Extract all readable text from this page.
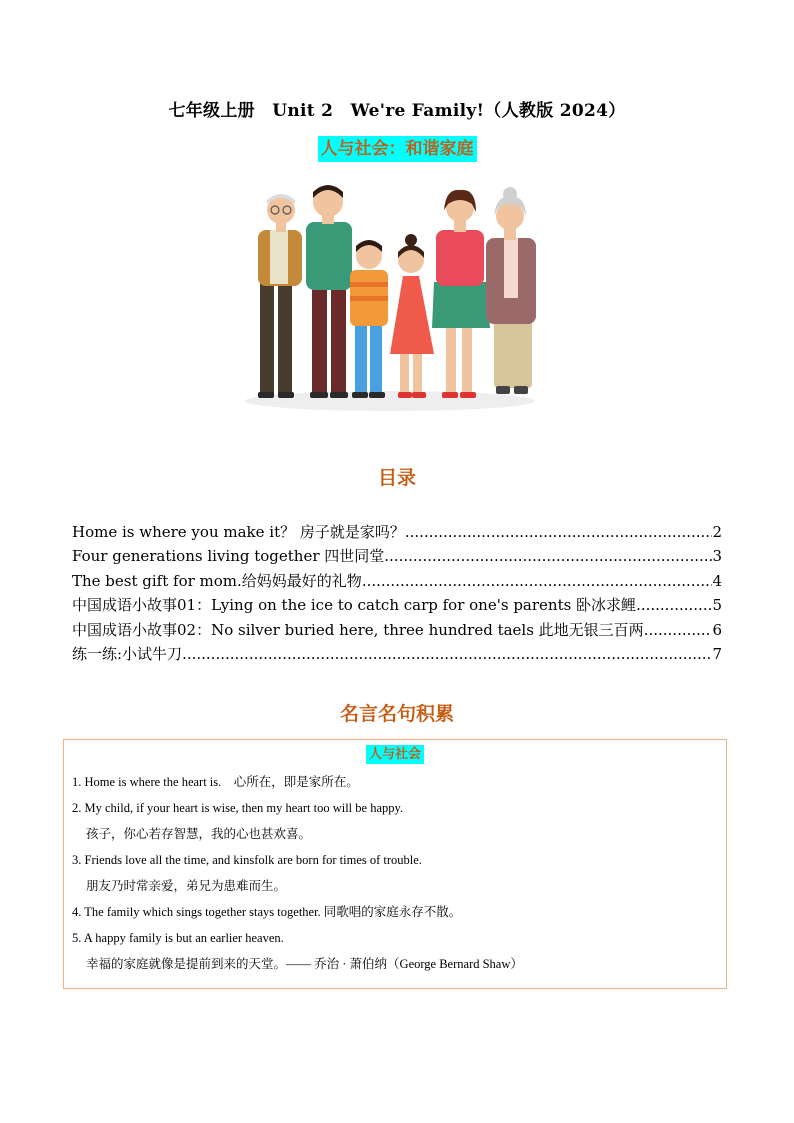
七年级上册　Unit 2　We're Family!（人教版 2024）
人与社会：和谐家庭
目录
Home is where you make it？ 房子就是家吗？ .....	2
Four generations living together 四世同堂 .....	3
The best gift for mom.给妈妈最好的礼物 .....	4
中国成语小故事01：Lying on the ice to catch carp for one's parents 卧冰求鲤 .....	5
中国成语小故事02：No silver buried here, three hundred taels 此地无银三百两 .....	6
练一练:小试牛刀 .....	7
名言名句积累
人与社会
1. Home is where the heart is.　心所在，即是家所在。
2. My child, if your heart is wise, then my heart too will be happy.
孩子，你心若存智慧，我的心也甚欢喜。
3. Friends love all the time, and kinsfolk are born for times of trouble.
朋友乃时常亲爱，弟兄为患难而生。
4. The family which sings together stays together. 同歌唱的家庭永存不散。
5. A happy family is but an earlier heaven.
幸福的家庭就像是提前到来的天堂。—— 乔治 · 萧伯纳（George Bernard Shaw）
